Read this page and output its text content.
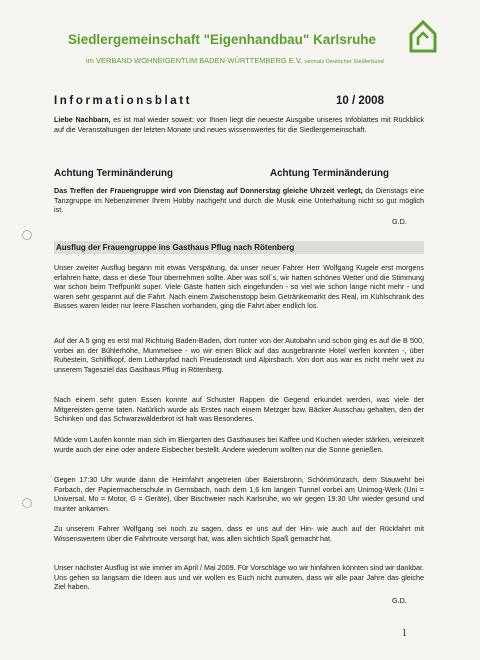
Siedlergemeinschaft "Eigenhandbau" Karlsruhe
im VERBAND WOHNEIGENTUM BADEN-WÜRTTEMBERG E.V. vormals Deutscher Siedlerbund
Informationsblatt	10 / 2008

Liebe Nachbarn, es ist mal wieder soweit: vor Ihnen liegt die neueste Ausgabe unseres Infoblattes mit Rückblick auf die Veranstaltungen der letzten Monate und neues wissenswertes für die Siedlergemeinschaft.

Achtung Terminänderung	Achtung Terminänderung

Das Treffen der Frauengruppe wird von Dienstag auf Donnerstag gleiche Uhrzeit verlegt, da Dienstags eine Tanzgruppe im Nebenzimmer Ihrem Hobby nachgeht und durch die Musik eine Unterhaltung nicht so gut möglich ist.

G.D.
Ausflug der Frauengruppe ins Gasthaus Pflug nach Rötenberg

Unser zweiter Ausflug begann mit etwas Verspätung, da unser neuer Fahrer Herr Wolfgang Kugele erst morgens erfahren hatte, dass er diese Tour übernehmen sollte. Aber was soll´s, wir hatten schönes Wetter und die Stimmung war schon beim Treffpunkt super. Viele Gäste hatten sich eingefunden - so viel wie schon lange nicht mehr - und waren sehr gespannt auf die Fahrt. Nach einem Zwischenstopp beim Getränkemarkt des Real, im Kühlschrank des Busses waren leider nur leere Flaschen vorhanden, ging die Fahrt aber endlich los.

Auf der A 5 ging es erst mal Richtung Baden-Baden, dort runter von der Autobahn und schon ging es auf die B 500, vorbei an der Bühlerhöhe, Mummelsee - wo wir einen Blick auf das ausgebrannte Hotel werfen konnten -, über Ruhestein, Schliffkopf, dem Lotharpfad nach Freudenstadt und Alpirsbach. Von dort aus war es nicht mehr weit zu unserem Tagesziel das Gasthaus Pflug in Rötenberg.

Nach einem sehr guten Essen konnte auf Schuster Rappen die Gegend erkundet werden, was viele der Mitgereisten gerne taten. Natürlich wurde als Erstes nach einem Metzger bzw. Bäcker Ausschau gehalten, den der Schinken und das Schwarzwälderbrot ist halt was Besonderes.

Müde vom Laufen konnte man sich im Biergarten des Gasthauses bei Kaffee und Kuchen wieder stärken, vereinzelt wurde auch der eine oder andere Eisbecher bestellt. Andere wiederum wollten nur die Sonne genießen.

Gegen 17:30 Uhr wurde dann die Heimfahrt angetreten über Baiersbronn, Schönmünzach, dem Stauwehr bei Forbach, der Papiermacherschule in Gernsbach, nach dem 1,6 km langen Tunnel vorbei am Unimog-Werk (Uni = Universal, Mo = Motor, G = Geräte), über Bischweier nach Karlsruhe, wo wir gegen 19:30 Uhr wieder gesund und munter ankamen.

Zu unserem Fahrer Wolfgang sei noch zu sagen, dass er uns auf der Hin- wie auch auf der Rückfahrt mit Wissenswertem über die Fahrtroute versorgt hat, was allen sichtlich Spaß gemacht hat.

Unser nächster Ausflug ist wie immer im April / Mai 2009. Für Vorschläge wo wir hinfahren könnten sind wir dankbar. Uns gehen so langsam die Ideen aus und wir wollen es Euch nicht zumuten, dass wir alle paar Jahre das gleiche Ziel haben.

G.D.
1
